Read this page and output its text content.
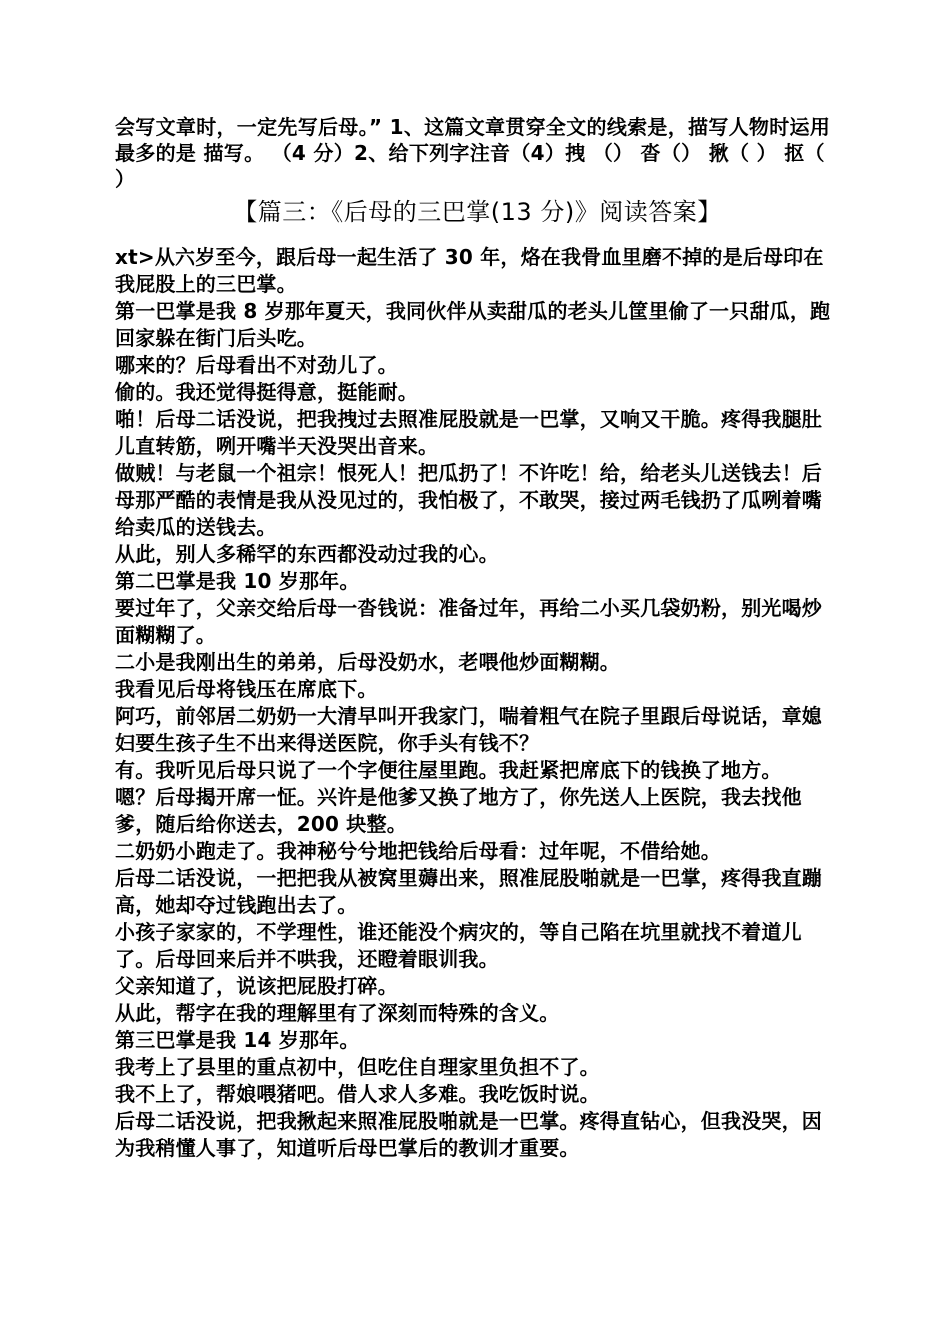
会写文章时，一定先写后母。” 1、这篇文章贯穿全文的线索是，描写人物时运用最多的是 描写。 （4 分）2、给下列字注音（4）拽 （） 沓（） 揪（ ） 抠（ ）

【篇三：《后母的三巴掌(13 分)》阅读答案】

xt>从六岁至今，跟后母一起生活了 30 年，烙在我骨血里磨不掉的是后母印在我屁股上的三巴掌。

第一巴掌是我 8 岁那年夏天，我同伙伴从卖甜瓜的老头儿筐里偷了一只甜瓜，跑回家躲在街门后头吃。

哪来的？后母看出不对劲儿了。

偷的。我还觉得挺得意，挺能耐。

啪！后母二话没说，把我拽过去照准屁股就是一巴掌，又响又干脆。疼得我腿肚儿直转筋，咧开嘴半天没哭出音来。

做贼！与老鼠一个祖宗！恨死人！把瓜扔了！不许吃！给，给老头儿送钱去！后母那严酷的表情是我从没见过的，我怕极了，不敢哭，接过两毛钱扔了瓜咧着嘴给卖瓜的送钱去。

从此，别人多稀罕的东西都没动过我的心。

第二巴掌是我 10 岁那年。

要过年了，父亲交给后母一沓钱说：准备过年，再给二小买几袋奶粉，别光喝炒面糊糊了。

二小是我刚出生的弟弟，后母没奶水，老喂他炒面糊糊。

我看见后母将钱压在席底下。

阿巧，前邻居二奶奶一大清早叫开我家门，喘着粗气在院子里跟后母说话，章媳妇要生孩子生不出来得送医院，你手头有钱不？

有。我听见后母只说了一个字便往屋里跑。我赶紧把席底下的钱换了地方。

嗯？后母揭开席一怔。兴许是他爹又换了地方了，你先送人上医院，我去找他爹，随后给你送去，200 块整。

二奶奶小跑走了。我神秘兮兮地把钱给后母看：过年呢，不借给她。

后母二话没说，一把把我从被窝里薅出来，照准屁股啪就是一巴掌，疼得我直蹦高，她却夺过钱跑出去了。

小孩子家家的，不学理性，谁还能没个病灾的，等自己陷在坑里就找不着道儿了。后母回来后并不哄我，还瞪着眼训我。

父亲知道了，说该把屁股打碎。

从此，帮字在我的理解里有了深刻而特殊的含义。

第三巴掌是我 14 岁那年。

我考上了县里的重点初中，但吃住自理家里负担不了。

我不上了，帮娘喂猪吧。借人求人多难。我吃饭时说。

后母二话没说，把我揪起来照准屁股啪就是一巴掌。疼得直钻心，但我没哭，因为我稍懂人事了，知道听后母巴掌后的教训才重要。
